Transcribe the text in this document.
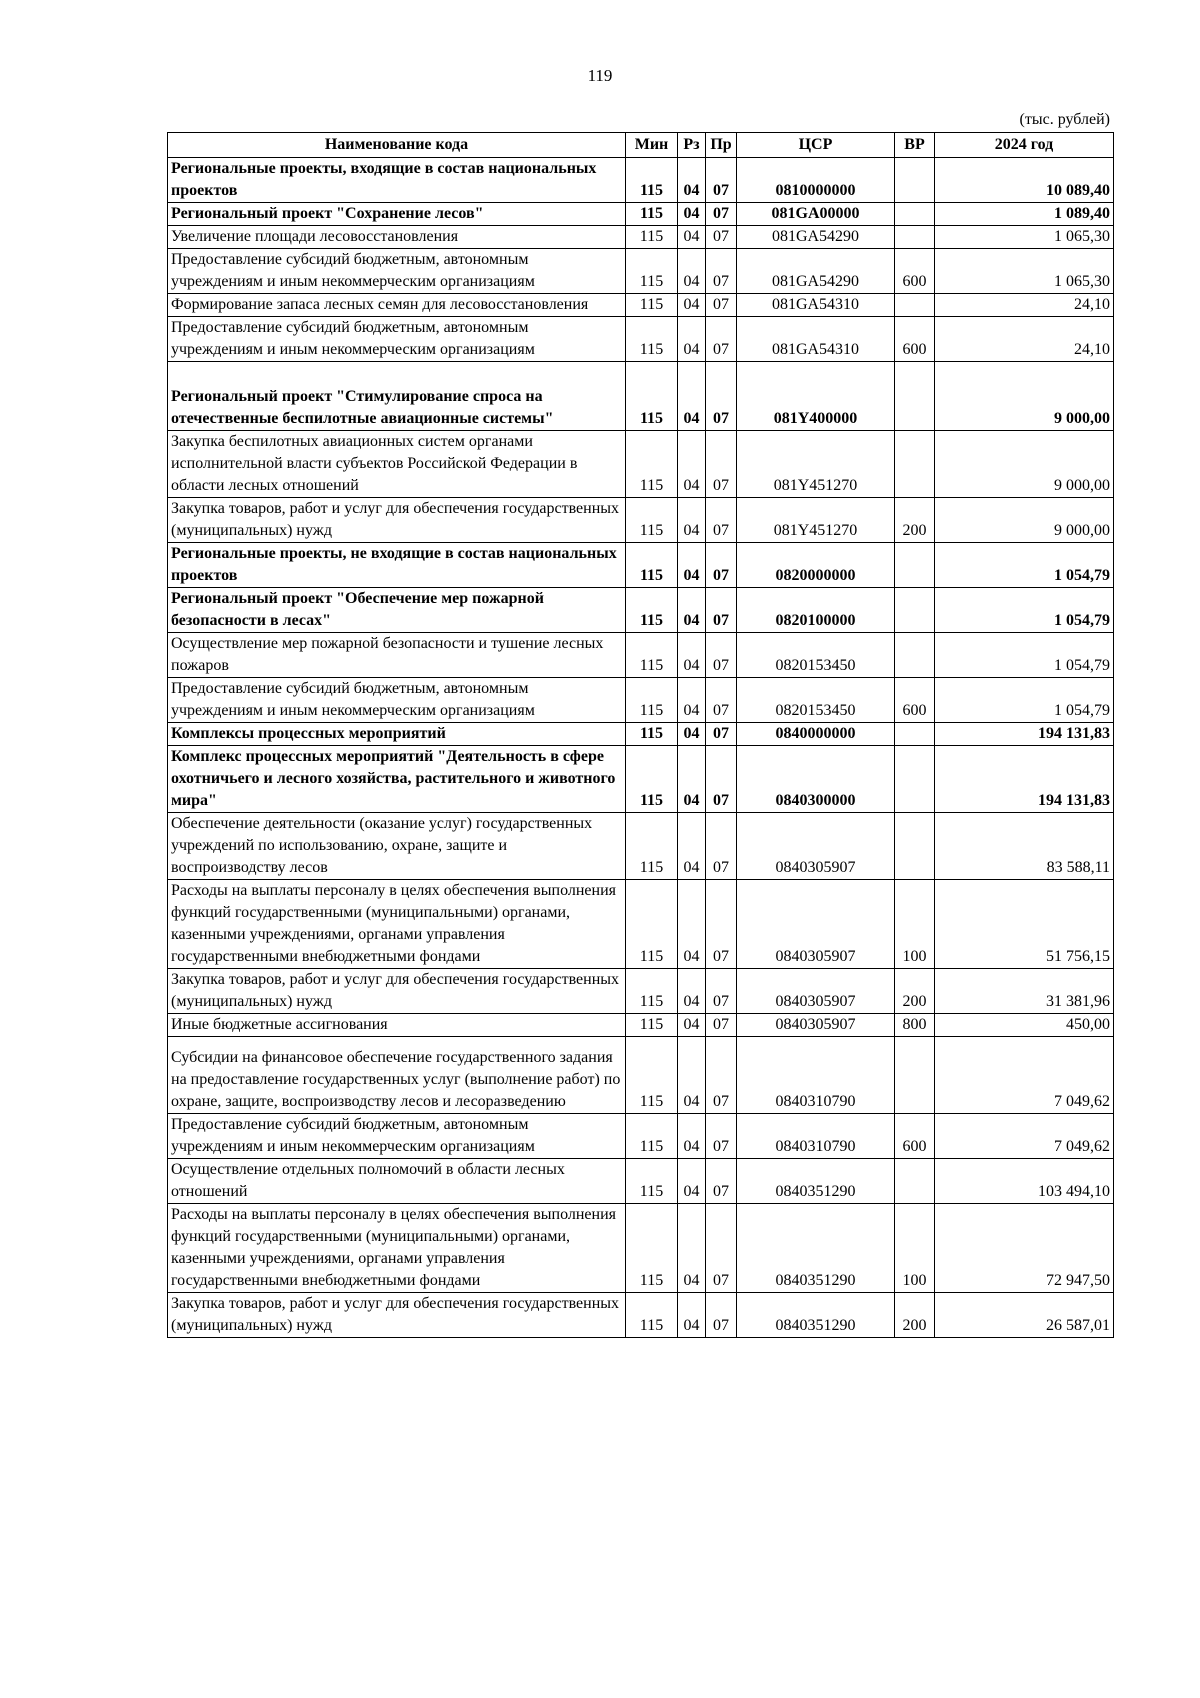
119
(тыс. рублей)
Наименование кода	Мин	Рз	Пр	ЦСР	ВР	2024 год
Региональные проекты, входящие в состав национальных проектов	115	04	07	0810000000		10 089,40
Региональный проект "Сохранение лесов"	115	04	07	081GA00000		1 089,40
Увеличение площади лесовосстановления	115	04	07	081GA54290		1 065,30
Предоставление субсидий бюджетным, автономным учреждениям и иным некоммерческим организациям	115	04	07	081GA54290	600	1 065,30
Формирование запаса лесных семян для лесовосстановления	115	04	07	081GA54310		24,10
Предоставление субсидий бюджетным, автономным учреждениям и иным некоммерческим организациям	115	04	07	081GA54310	600	24,10
Региональный проект "Стимулирование спроса на отечественные беспилотные авиационные системы"	115	04	07	081Y400000		9 000,00
Закупка беспилотных авиационных систем органами исполнительной власти субъектов Российской Федерации в области лесных отношений	115	04	07	081Y451270		9 000,00
Закупка товаров, работ и услуг для обеспечения государственных (муниципальных) нужд	115	04	07	081Y451270	200	9 000,00
Региональные проекты, не входящие в состав национальных проектов	115	04	07	0820000000		1 054,79
Региональный проект "Обеспечение мер пожарной безопасности в лесах"	115	04	07	0820100000		1 054,79
Осуществление мер пожарной безопасности и тушение лесных пожаров	115	04	07	0820153450		1 054,79
Предоставление субсидий бюджетным, автономным учреждениям и иным некоммерческим организациям	115	04	07	0820153450	600	1 054,79
Комплексы процессных мероприятий	115	04	07	0840000000		194 131,83
Комплекс процессных мероприятий "Деятельность в сфере охотничьего и лесного хозяйства, растительного и животного мира"	115	04	07	0840300000		194 131,83
Обеспечение деятельности (оказание услуг) государственных учреждений по использованию, охране, защите и воспроизводству лесов	115	04	07	0840305907		83 588,11
Расходы на выплаты персоналу в целях обеспечения выполнения функций государственными (муниципальными) органами, казенными учреждениями, органами управления государственными внебюджетными фондами	115	04	07	0840305907	100	51 756,15
Закупка товаров, работ и услуг для обеспечения государственных (муниципальных) нужд	115	04	07	0840305907	200	31 381,96
Иные бюджетные ассигнования	115	04	07	0840305907	800	450,00
Субсидии на финансовое обеспечение государственного задания на предоставление государственных услуг (выполнение работ) по охране, защите, воспроизводству лесов и лесоразведению	115	04	07	0840310790		7 049,62
Предоставление субсидий бюджетным, автономным учреждениям и иным некоммерческим организациям	115	04	07	0840310790	600	7 049,62
Осуществление отдельных полномочий в области лесных отношений	115	04	07	0840351290		103 494,10
Расходы на выплаты персоналу в целях обеспечения выполнения функций государственными (муниципальными) органами, казенными учреждениями, органами управления государственными внебюджетными фондами	115	04	07	0840351290	100	72 947,50
Закупка товаров, работ и услуг для обеспечения государственных (муниципальных) нужд	115	04	07	0840351290	200	26 587,01
